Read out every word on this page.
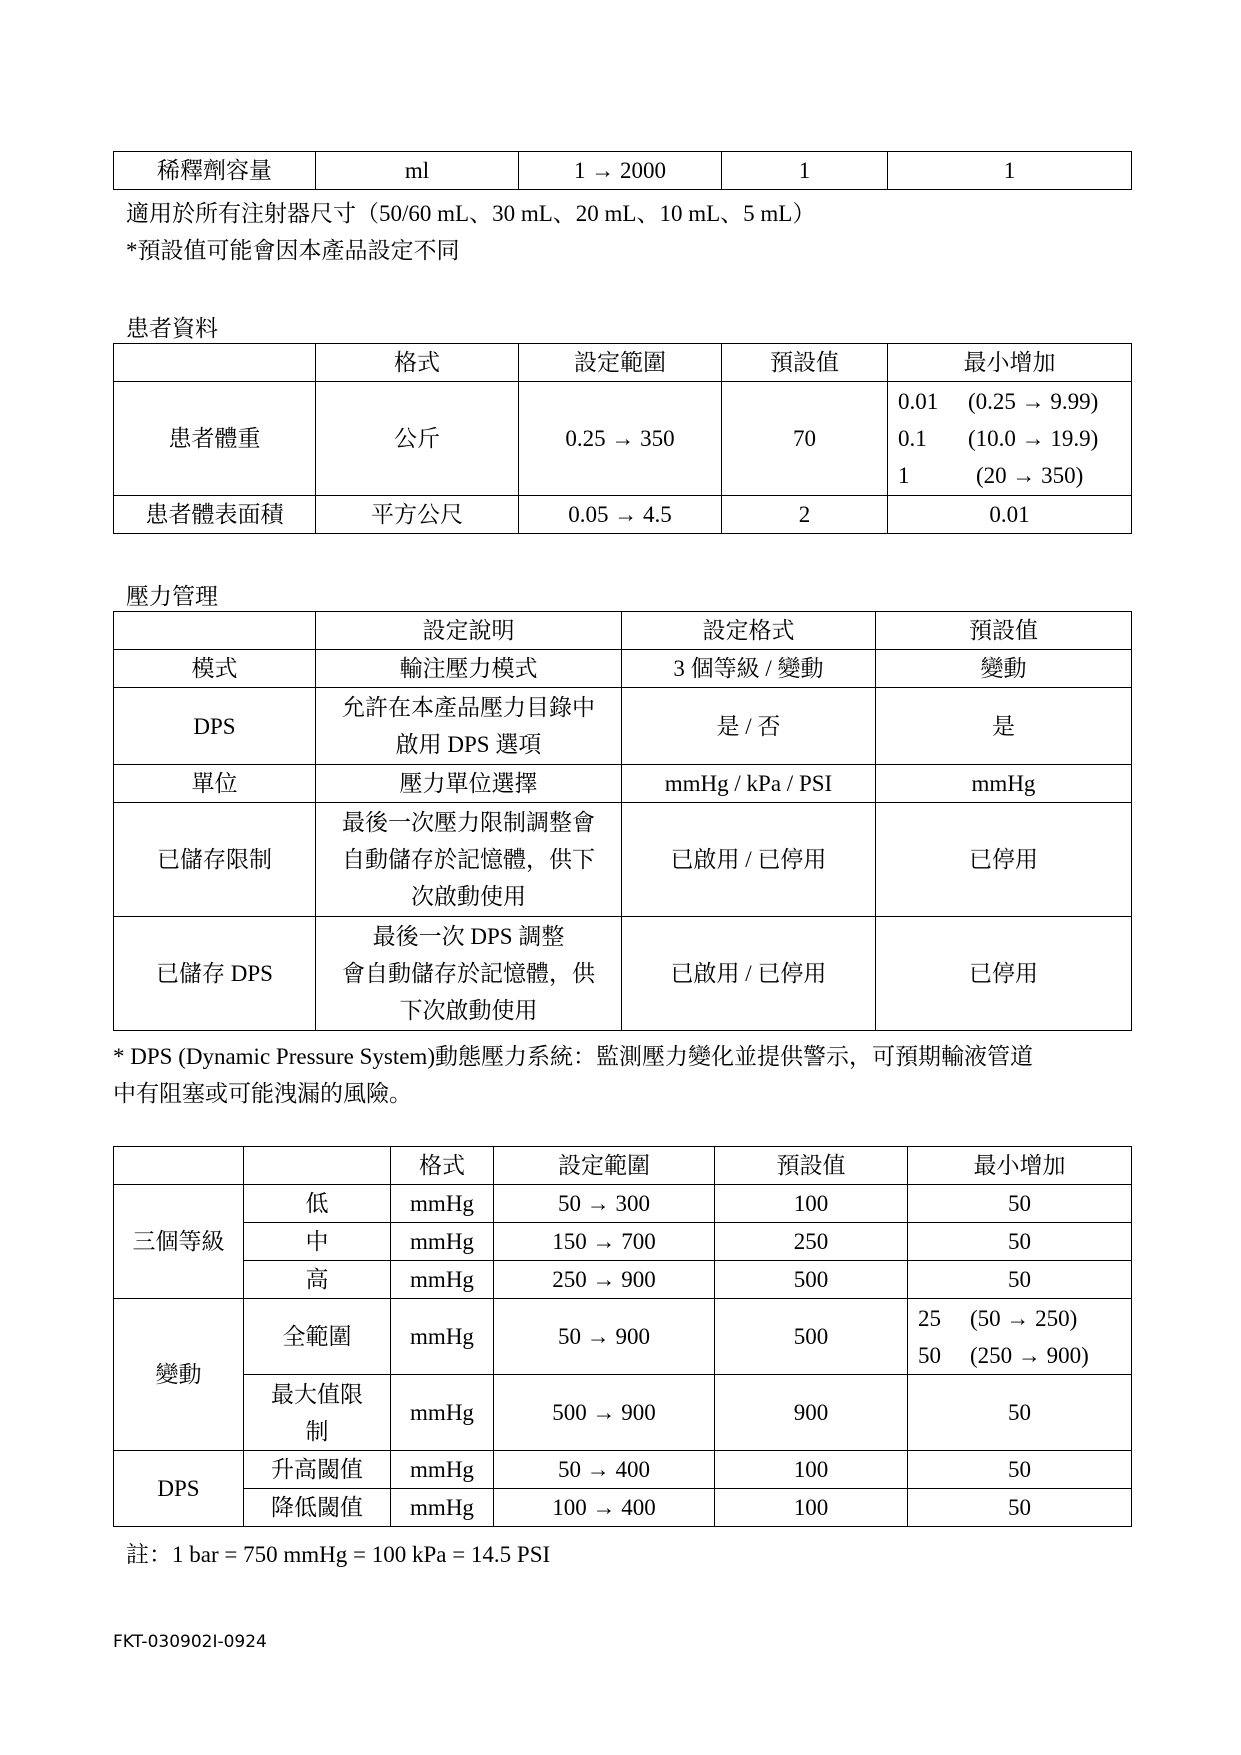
稀釋劑容量	ml	1 → 2000	1	1
適用於所有注射器尺寸（50/60 mL、30 mL、20 mL、10 mL、5 mL）
*預設值可能會因本產品設定不同
患者資料
	格式	設定範圍	預設值	最小增加
患者體重	公斤	0.25 → 350	70	0.01 (0.25 → 9.99)
0.1 (10.0 → 19.9)
1 (20 → 350)

患者體表面積	平方公尺	0.05 → 4.5	2	0.01
壓力管理
	設定說明	設定格式	預設值
模式	輸注壓力模式	3 個等級 / 變動	變動
DPS	允許在本產品壓力目錄中
啟用 DPS 選項	是 / 否	是
單位	壓力單位選擇	mmHg / kPa / PSI	mmHg
已儲存限制	最後一次壓力限制調整會
自動儲存於記憶體，供下
次啟動使用	已啟用 / 已停用	已停用
已儲存 DPS	最後一次 DPS 調整
會自動儲存於記憶體，供
下次啟動使用	已啟用 / 已停用	已停用
* DPS (Dynamic Pressure System)動態壓力系統：監測壓力變化並提供警示，可預期輸液管道
中有阻塞或可能洩漏的風險。
		格式	設定範圍	預設值	最小增加
三個等級	低	mmHg	50 → 300	100	50
	中	mmHg	150 → 700	250	50
	高	mmHg	250 → 900	500	50
變動	全範圍	mmHg	50 → 900	500	25 (50 → 250)
50 (250 → 900)

	最大值限
制	mmHg	500 → 900	900	50
DPS	升高閾值	mmHg	50 → 400	100	50
	降低閾值	mmHg	100 → 400	100	50
註：1 bar = 750 mmHg = 100 kPa = 14.5 PSI
FKT-030902I-0924
